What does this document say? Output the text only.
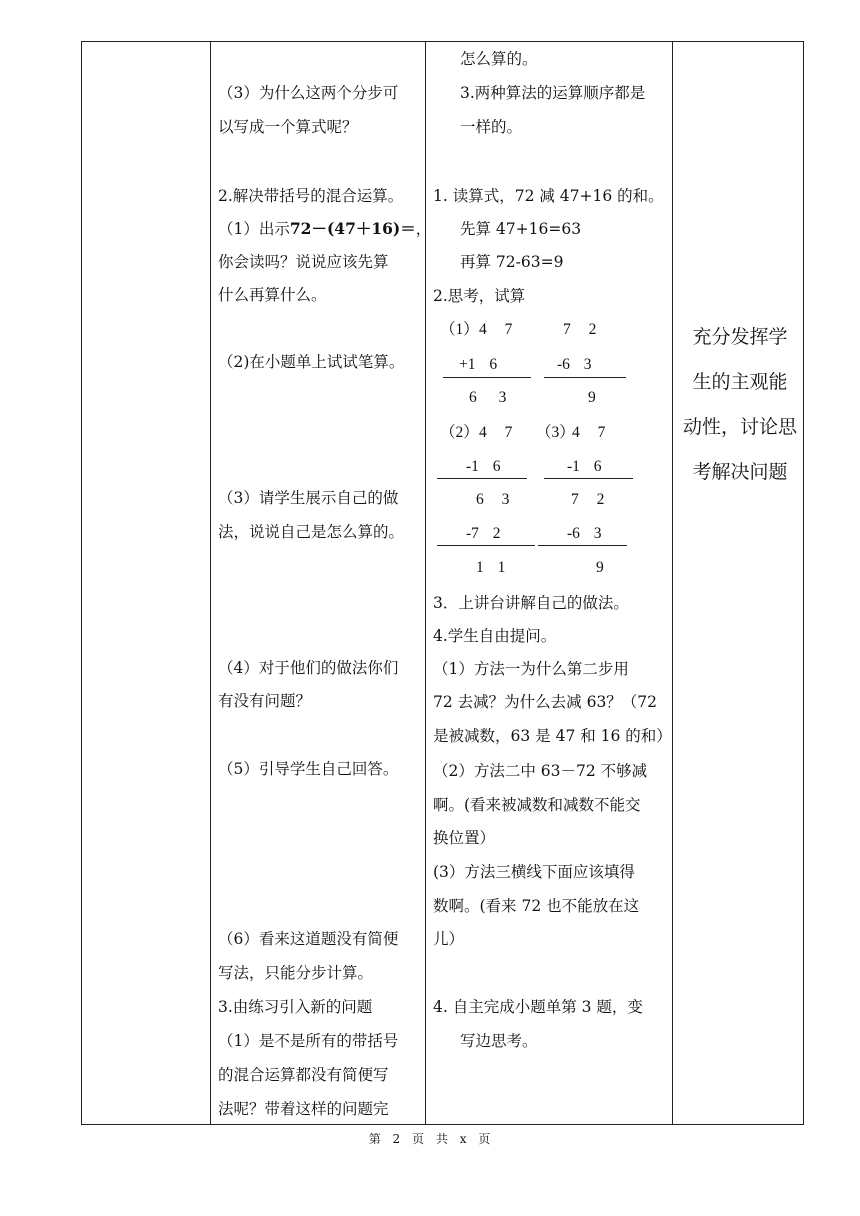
（3）为什么这两个分步可
以写成一个算式呢？
2.解决带括号的混合运算。
（1）出示72－(47＋16)＝，
你会读吗？说说应该先算
什么再算什么。
（2)在小题单上试试笔算。
（3）请学生展示自己的做
法，说说自己是怎么算的。
（4）对于他们的做法你们
有没有问题？
（5）引导学生自己回答。
（6）看来这道题没有简便
写法，只能分步计算。
3.由练习引入新的问题
（1）是不是所有的带括号
的混合运算都没有简便写
法呢？带着这样的问题完
怎么算的。
3.两种算法的运算顺序都是
一样的。
1. 读算式，72 减 47+16 的和。
先算 47+16=63
再算 72-63=9
2.思考，试算
（1） 4 7
+1 6
6 3
7 2
-6 3
9
（2） 4 7
-1 6
6 3
-7 2
1 1
（3）
4 7
-1 6
7 2
-6 3
9
3．上讲台讲解自己的做法。
4.学生自由提问。
（1）方法一为什么第二步用
72 去减？为什么去减 63？（72
是被减数，63 是 47 和 16 的和）
（2）方法二中 63－72 不够减
啊。(看来被减数和减数不能交
换位置）
(3）方法三横线下面应该填得
数啊。(看来 72 也不能放在这
儿）
4. 自主完成小题单第 3 题，变
写边思考。
充分发挥学
生的主观能
动性，讨论思
考解决问题
第 2 页 共 x 页
